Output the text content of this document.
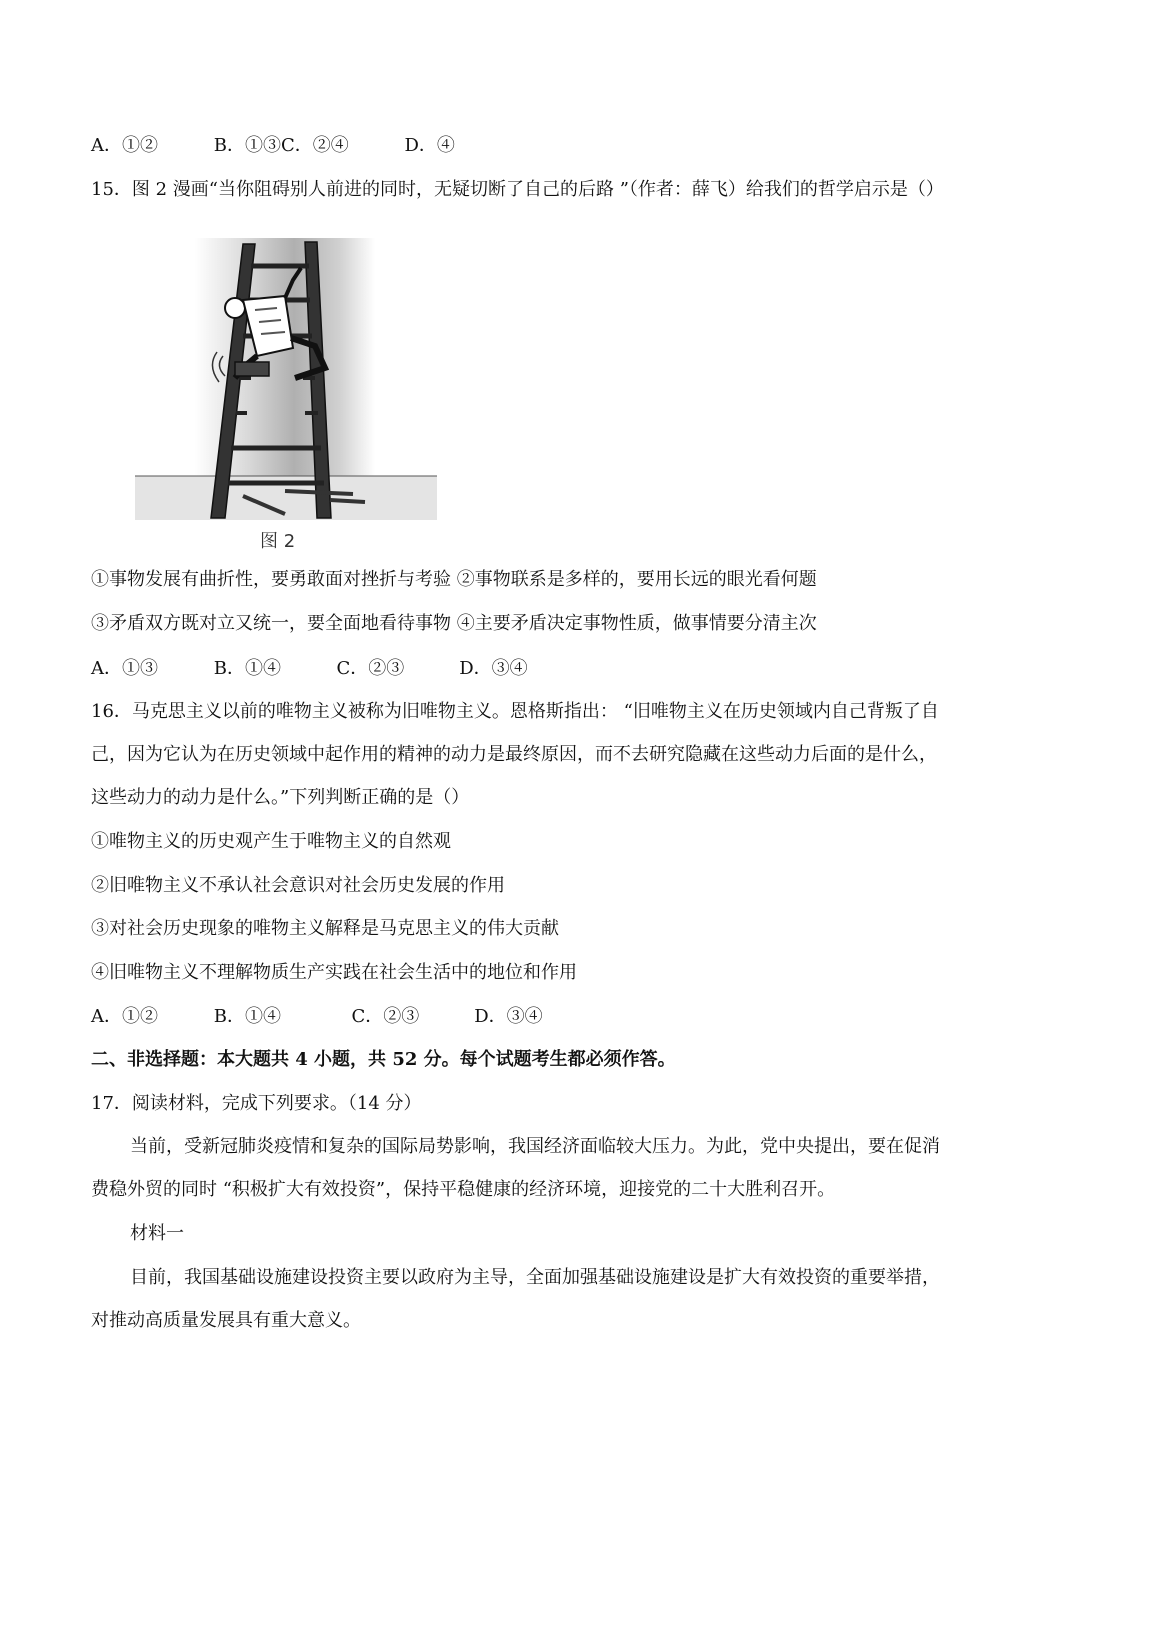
A．①②	B．①③C．②④	D．④
15．图 2 漫画“当你阻碍别人前进的同时，无疑切断了自己的后路 ”（作者：薛飞）给我们的哲学启示是（）
图 2
①事物发展有曲折性，要勇敢面对挫折与考验 ②事物联系是多样的，要用长远的眼光看何题
③矛盾双方既对立又统一，要全面地看待事物 ④主要矛盾决定事物性质，做事情要分清主次
A．①③	B．①④	C．②③	D．③④
16．马克思主义以前的唯物主义被称为旧唯物主义。恩格斯指出： “旧唯物主义在历史领域内自己背叛了自
己，因为它认为在历史领域中起作用的精神的动力是最终原因，而不去研究隐藏在这些动力后面的是什么，
这些动力的动力是什么。”下列判断正确的是（）
①唯物主义的历史观产生于唯物主义的自然观
②旧唯物主义不承认社会意识对社会历史发展的作用
③对社会历史现象的唯物主义解释是马克思主义的伟大贡献
④旧唯物主义不理解物质生产实践在社会生活中的地位和作用
A．①②	B．①④	C．②③	D．③④
二、非选择题：本大题共 4 小题，共 52 分。每个试题考生都必须作答。
17．阅读材料，完成下列要求。（14 分）
当前，受新冠肺炎疫情和复杂的国际局势影响，我国经济面临较大压力。为此，党中央提出，要在促消
费稳外贸的同时 “积极扩大有效投资”，保持平稳健康的经济环境，迎接党的二十大胜利召开。
材料一
目前，我国基础设施建设投资主要以政府为主导，全面加强基础设施建设是扩大有效投资的重要举措，
对推动高质量发展具有重大意义。
